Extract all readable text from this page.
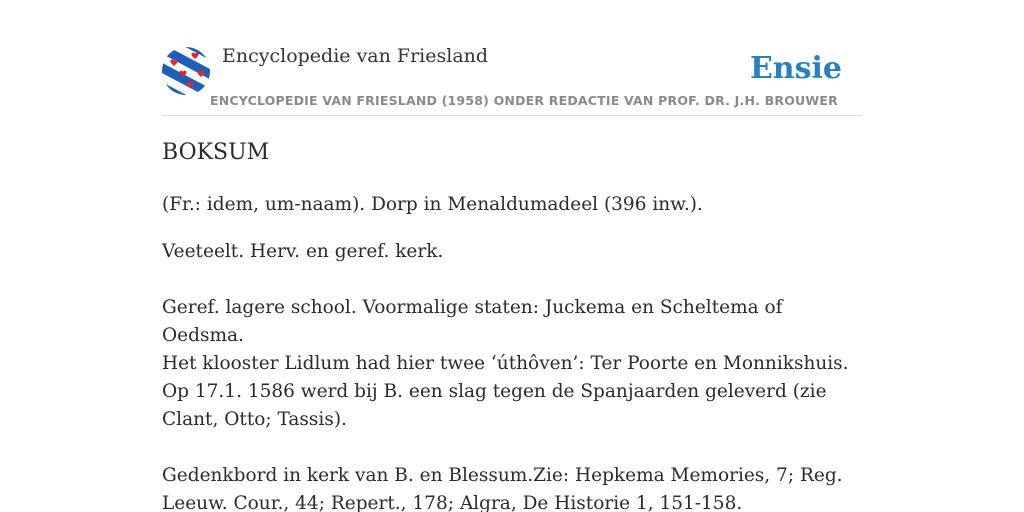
Encyclopedie van Friesland
ENCYCLOPEDIE VAN FRIESLAND (1958) ONDER REDACTIE VAN PROF. DR. J.H. BROUWER
Ensie
BOKSUM

(Fr.: idem, um-naam). Dorp in Menaldumadeel (396 inw.).

Veeteelt. Herv. en geref. kerk.

Geref. lagere school. Voormalige staten: Juckema en Scheltema of Oedsma.

Het klooster Lidlum had hier twee ‘úthôven’: Ter Poorte en Monnikshuis. Op 17.1. 1586 werd bij B. een slag tegen de Spanjaarden geleverd (zie Clant, Otto; Tassis).

Gedenkbord in kerk van B. en Blessum.Zie: Hepkema Memories, 7; Reg. Leeuw. Cour., 44; Repert., 178; Algra, De Historie 1, 151-158.
